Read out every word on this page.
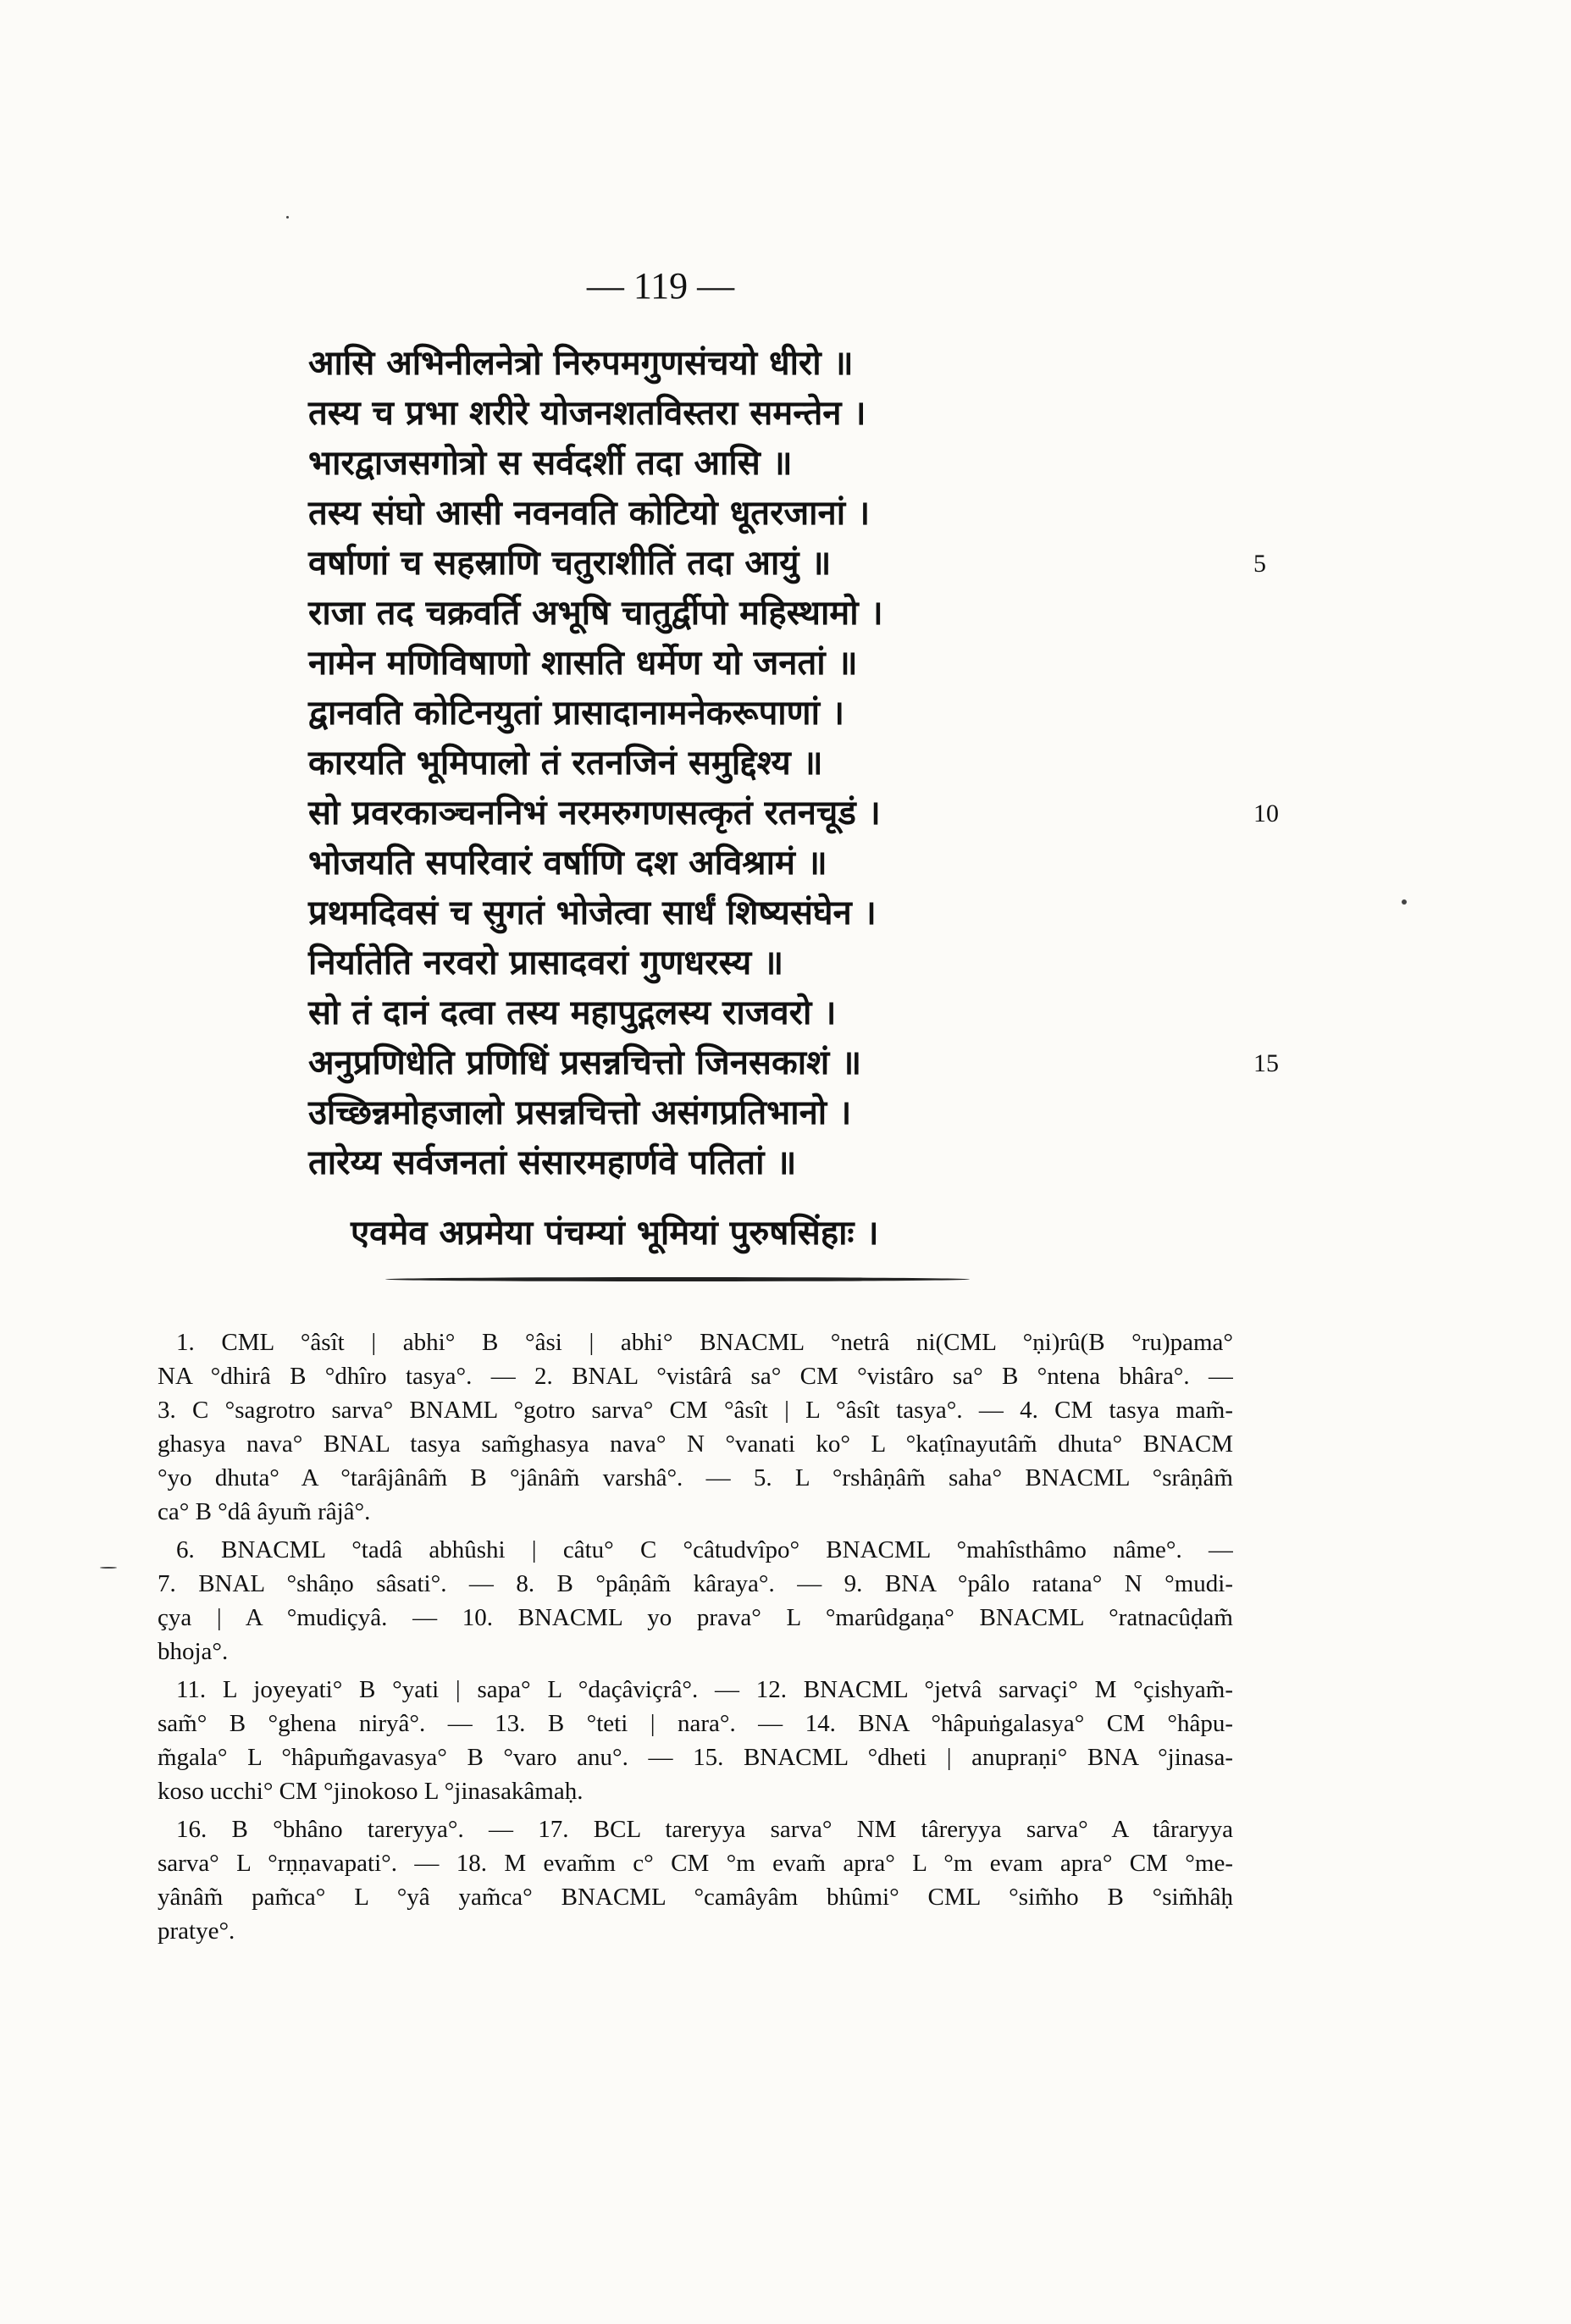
— 119 —
आसि अभिनीलनेत्रो निरुपमगुणसंचयो धीरो ॥
तस्य च प्रभा शरीरे योजनशतविस्तरा समन्तेन ।
भारद्वाजसगोत्रो स सर्वदर्शी तदा आसि ॥
तस्य संघो आसी नवनवति कोटियो धूतरजानां ।
वर्षाणां च सहस्राणि चतुराशीतिं तदा आयुं ॥	5
राजा तद चक्रवर्ति अभूषि चातुर्द्वीपो महिस्थामो ।
नामेन मणिविषाणो शासति धर्मेण यो जनतां ॥
द्वानवति कोटिनयुतां प्रासादानामनेकरूपाणां ।
कारयति भूमिपालो तं रतनजिनं समुद्दिश्य ॥
सो प्रवरकाञ्चननिभं नरमरुगणसत्कृतं रतनचूडं ।	10
भोजयति सपरिवारं वर्षाणि दश अविश्रामं ॥
प्रथमदिवसं च सुगतं भोजेत्वा सार्धं शिष्यसंघेन ।
निर्यातेति नरवरो प्रासादवरां गुणधरस्य ॥
सो तं दानं दत्वा तस्य महापुद्गलस्य राजवरो ।
अनुप्रणिधेति प्रणिधिं प्रसन्नचित्तो जिनसकाशं ॥	15
उच्छिन्नमोहजालो प्रसन्नचित्तो असंगप्रतिभानो ।
तारेय्य सर्वजनतां संसारमहार्णवे पतितां ॥
एवमेव अप्रमेया पंचम्यां भूमियां पुरुषसिंहाः ।
1. CML °âsît | abhi° B °âsi | abhi° BNACML °netrâ ni(CML °ṇi)rû(B °ru)pama°
NA °dhirâ B °dhîro tasya°. — 2. BNAL °vistârâ sa° CM °vistâro sa° B °ntena bhâra°. —
3. C °sagrotro sarva° BNAML °gotro sarva° CM °âsît | L °âsît tasya°. — 4. CM tasya mam̃-
ghasya nava° BNAL tasya sam̃ghasya nava° N °vanati ko° L °kaṭînayutâm̃ dhuta° BNACM
°yo dhuta° A °tarâjânâm̃ B °jânâm̃ varshâ°. — 5. L °rshâṇâm̃ saha° BNACML °srâṇâm̃
ca° B °dâ âyum̃ râjâ°.
6. BNACML °tadâ abhûshi | câtu° C °câtudvîpo° BNACML °mahîsthâmo nâme°. —
7. BNAL °shâṇo sâsati°. — 8. B °pâṇâm̃ kâraya°. — 9. BNA °pâlo ratana° N °mudi-
çya | A °mudiçyâ. — 10. BNACML yo prava° L °marûdgaṇa° BNACML °ratnacûḍam̃
bhoja°.
11. L joyeyati° B °yati | sapa° L °daçâviçrâ°. — 12. BNACML °jetvâ sarvaçi° M °çishyam̃-
sam̃° B °ghena niryâ°. — 13. B °teti | nara°. — 14. BNA °hâpuṅgalasya° CM °hâpu-
m̃gala° L °hâpum̃gavasya° B °varo anu°. — 15. BNACML °dheti | anupraṇi° BNA °jinasa-
koso ucchi° CM °jinokoso L °jinasakâmaḥ.
16. B °bhâno tareryya°. — 17. BCL tareryya sarva° NM târeryya sarva° A târaryya
sarva° L °rṇṇavapati°. — 18. M evam̃m c° CM °m evam̃ apra° L °m evam apra° CM °me-
yânâm̃ pam̃ca° L °yâ yam̃ca° BNACML °camâyâm bhûmi° CML °sim̃ho B °sim̃hâḥ
pratye°.
